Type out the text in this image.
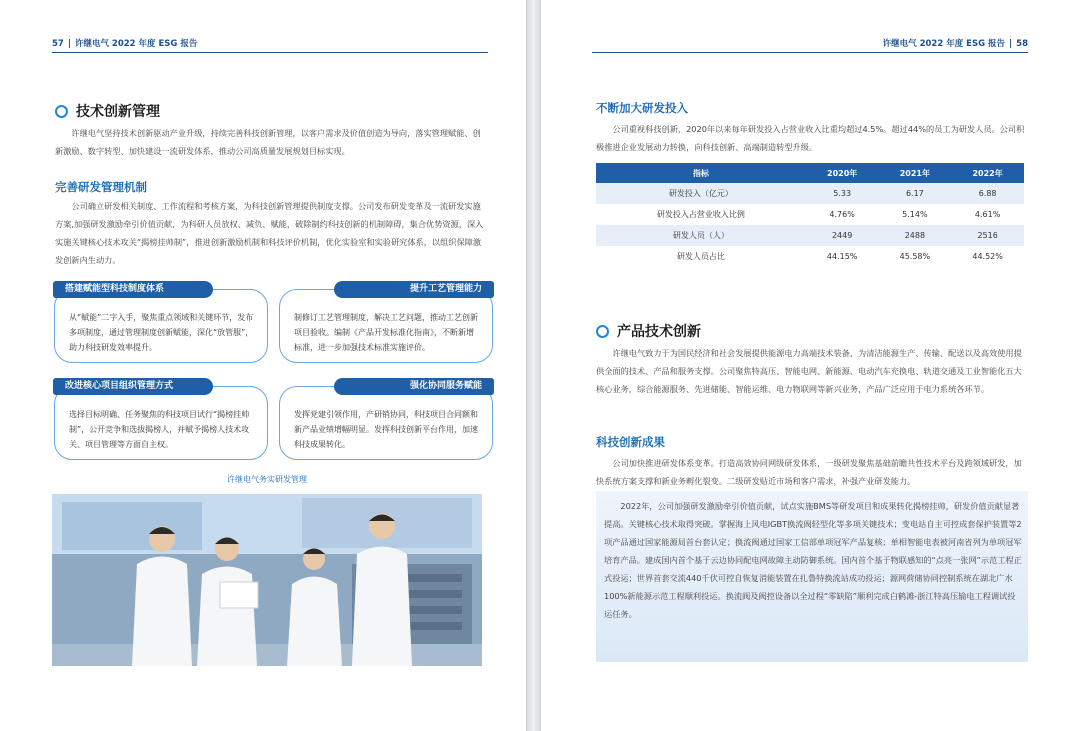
57 | 许继电气 2022 年度 ESG 报告
技术创新管理
许继电气坚持技术创新驱动产业升级，持续完善科技创新管理，以客户需求及价值创造为导向，落实管理赋能、创新激励、数字转型、加快建设一流研发体系，推动公司高质量发展规划目标实现。
完善研发管理机制
公司确立研发相关制度、工作流程和考核方案，为科技创新管理提供制度支撑。公司发布研发变革及一流研发实施方案,加强研发激励牵引价值贡献，为科研人员放权、减负、赋能，破除制约科技创新的机制障碍，集合优势资源，深入实施关键核心技术攻关“揭榜挂帅制”，推进创新激励机制和科技评价机制，优化实验室和实验研究体系，以组织保障激发创新内生动力。
搭建赋能型科技制度体系
从“赋能”二字入手，聚焦重点领域和关键环节，发布多项制度，通过管理制度创新赋能，深化“放管服”，助力科技研发效率提升。
提升工艺管理能力
制修订工艺管理制度，解决工艺问题，推动工艺创新项目验收。编制《产品开发标准化指南》，不断新增标准，进一步加强技术标准实施评价。
改进核心项目组织管理方式
选择目标明确、任务聚焦的科技项目试行“揭榜挂帅制”，公开竞争和选拔揭榜人，并赋予揭榜人技术攻关、项目管理等方面自主权。
强化协同服务赋能
发挥党建引领作用，产研销协同，科技项目合同额和新产品业绩增幅明显。发挥科技创新平台作用，加速科技成果转化。
许继电气务实研发管理
许继电气 2022 年度 ESG 报告 | 58
不断加大研发投入
公司重视科技创新，2020年以来每年研发投入占营业收入比重均超过4.5%。超过44%的员工为研发人员。公司积极推进企业发展动力转换，向科技创新、高端制造转型升级。
指标	2020年	2021年	2022年
研发投入（亿元）	5.33	6.17	6.88
研发投入占营业收入比例	4.76%	5.14%	4.61%
研发人员（人）	2449	2488	2516
研发人员占比	44.15%	45.58%	44.52%
产品技术创新
许继电气致力于为国民经济和社会发展提供能源电力高端技术装备，为清洁能源生产、传输、配送以及高效使用提供全面的技术、产品和服务支撑。公司聚焦特高压、智能电网、新能源、电动汽车充换电、轨道交通及工业智能化五大核心业务，综合能源服务、先进储能、智能运维、电力物联网等新兴业务，产品广泛应用于电力系统各环节。
科技创新成果
公司加快推进研发体系变革。打造高效协同网级研发体系，一级研发聚焦基础前瞻共性技术平台及跨领域研发，加快系统方案支撑和新业务孵化裂变。二级研发贴近市场和客户需求，补强产业研发能力。
2022年，公司加强研发激励牵引价值贡献，试点实施BMS等研发项目和成果转化揭榜挂帅，研发价值贡献显著提高。关键核心技术取得突破。掌握海上风电IGBT换流阀轻型化等多项关键技术；变电站自主可控成套保护装置等2项产品通过国家能源局首台套认定；换流阀通过国家工信部单项冠军产品复核；单相智能电表被河南省列为单项冠军培育产品。建成国内首个基于云边协同配电网故障主动防御系统。国内首个基于物联感知的“点亮一张网”示范工程正式投运；世界首套交流440千伏可控自恢复消能装置在扎鲁特换流站成功投运；源网荷储协同控制系统在湖北广水100%新能源示范工程顺利投运。换流阀及阀控设备以全过程“零缺陷”顺利完成白鹤滩-浙江特高压输电工程调试投运任务。
